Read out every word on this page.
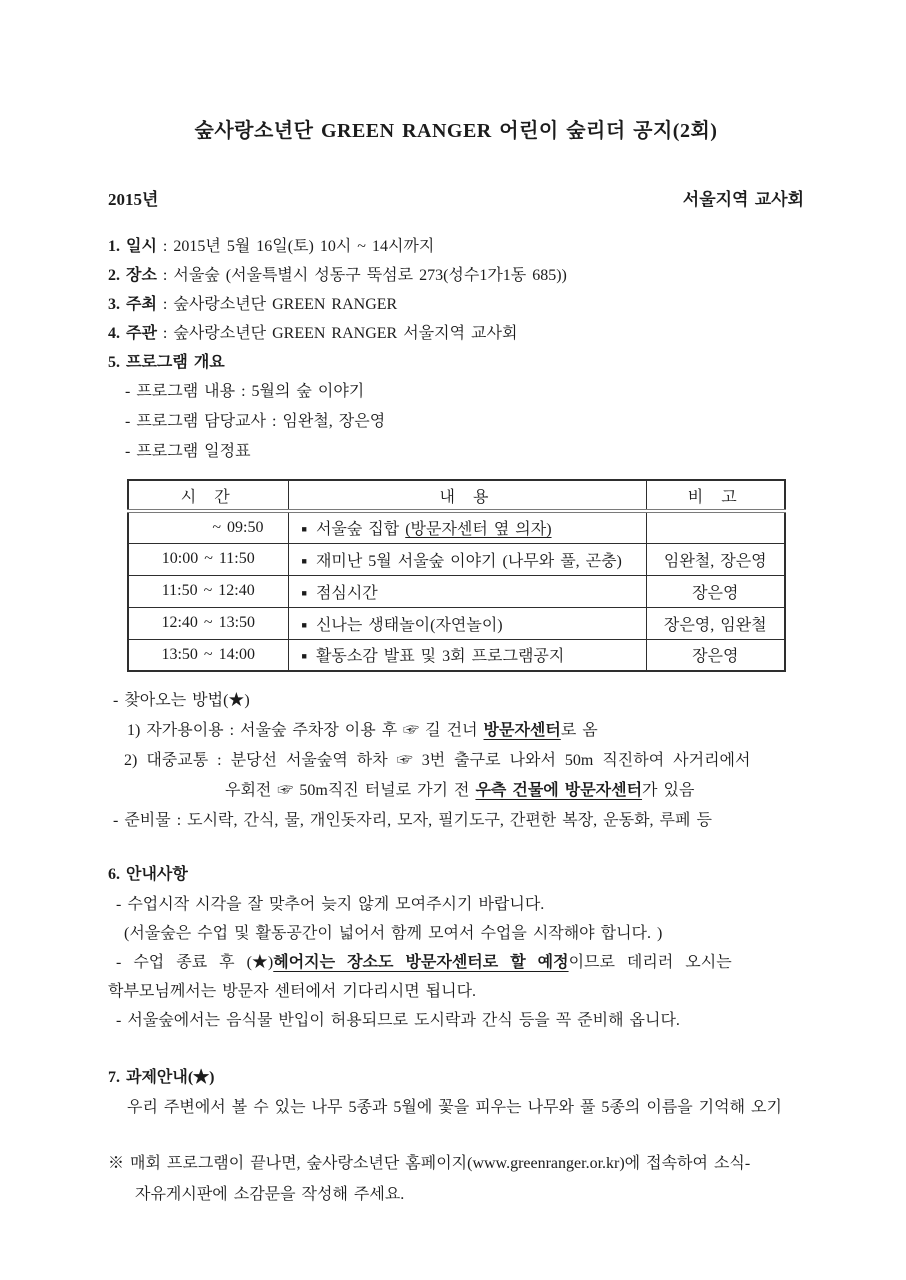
숲사랑소년단 GREEN RANGER 어린이 숲리더 공지(2회)
2015년	서울지역 교사회
1. 일시 : 2015년 5월 16일(토) 10시 ~ 14시까지
2. 장소 : 서울숲 (서울특별시 성동구 뚝섬로 273(성수1가1동 685))
3. 주최 : 숲사랑소년단 GREEN RANGER
4. 주관 : 숲사랑소년단 GREEN RANGER 서울지역 교사회
5. 프로그램 개요
- 프로그램 내용 : 5월의 숲 이야기
- 프로그램 담당교사 : 임완철, 장은영
- 프로그램 일정표
시 간	내 용	비 고
~ 09:50	■ 서울숲 집합 (방문자센터 옆 의자)	
10:00 ~ 11:50	■ 재미난 5월 서울숲 이야기 (나무와 풀, 곤충)	임완철, 장은영
11:50 ~ 12:40	■ 점심시간	장은영
12:40 ~ 13:50	■ 신나는 생태놀이(자연놀이)	장은영, 임완철
13:50 ~ 14:00	■ 활동소감 발표 및 3회 프로그램공지	장은영
- 찾아오는 방법(★)
1) 자가용이용 : 서울숲 주차장 이용 후 ☞ 길 건너 방문자센터로 옴
2) 대중교통 : 분당선 서울숲역 하차 ☞ 3번 출구로 나와서 50m 직진하여 사거리에서
우회전 ☞ 50m직진 터널로 가기 전 우측 건물에 방문자센터가 있음
- 준비물 : 도시락, 간식, 물, 개인돗자리, 모자, 필기도구, 간편한 복장, 운동화, 루페 등
6. 안내사항
- 수업시작 시각을 잘 맞추어 늦지 않게 모여주시기 바랍니다.
(서울숲은 수업 및 활동공간이 넓어서 함께 모여서 수업을 시작해야 합니다. )
- 수업 종료 후 (★)헤어지는 장소도 방문자센터로 할 예정이므로 데리러 오시는
학부모님께서는 방문자 센터에서 기다리시면 됩니다.
- 서울숲에서는 음식물 반입이 허용되므로 도시락과 간식 등을 꼭 준비해 옵니다.
7. 과제안내(★)
우리 주변에서 볼 수 있는 나무 5종과 5월에 꽃을 피우는 나무와 풀 5종의 이름을 기억해 오기
※ 매회 프로그램이 끝나면, 숲사랑소년단 홈페이지(www.greenranger.or.kr)에 접속하여 소식-
자유게시판에 소감문을 작성해 주세요.
